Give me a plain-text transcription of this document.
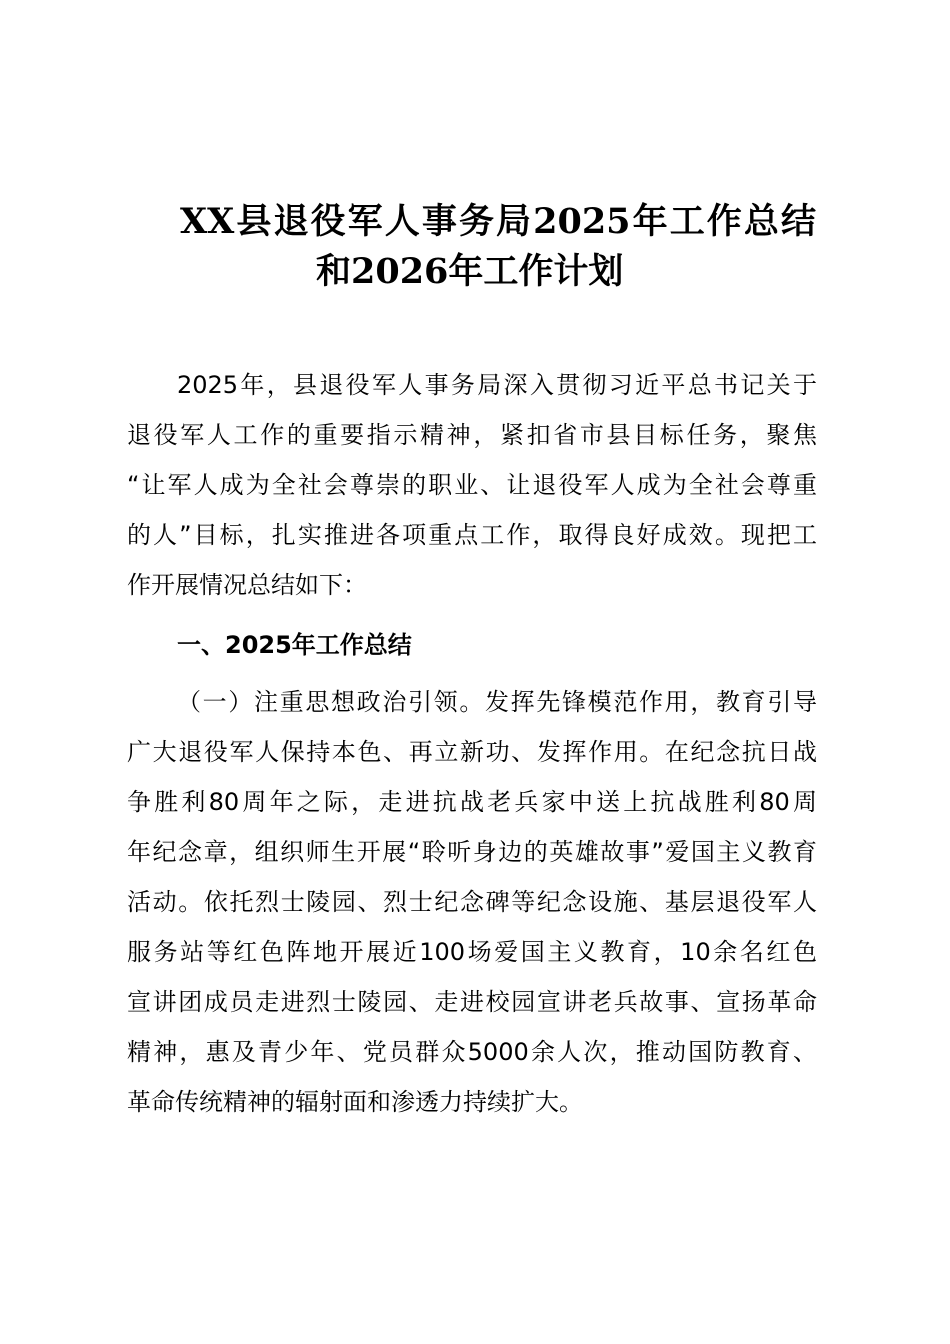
XX县退役军人事务局2025年工作总结
和2026年工作计划
2025年，县退役军人事务局深入贯彻习近平总书记关于
退役军人工作的重要指示精神，紧扣省市县目标任务，聚焦
“让军人成为全社会尊崇的职业、让退役军人成为全社会尊重
的人”目标，扎实推进各项重点工作，取得良好成效。现把工
作开展情况总结如下：
一、2025年工作总结
（一）注重思想政治引领。发挥先锋模范作用，教育引导
广大退役军人保持本色、再立新功、发挥作用。在纪念抗日战
争胜利80周年之际，走进抗战老兵家中送上抗战胜利80周
年纪念章，组织师生开展“聆听身边的英雄故事”爱国主义教育
活动。依托烈士陵园、烈士纪念碑等纪念设施、基层退役军人
服务站等红色阵地开展近100场爱国主义教育，10余名红色
宣讲团成员走进烈士陵园、走进校园宣讲老兵故事、宣扬革命
精神，惠及青少年、党员群众5000余人次，推动国防教育、
革命传统精神的辐射面和渗透力持续扩大。
